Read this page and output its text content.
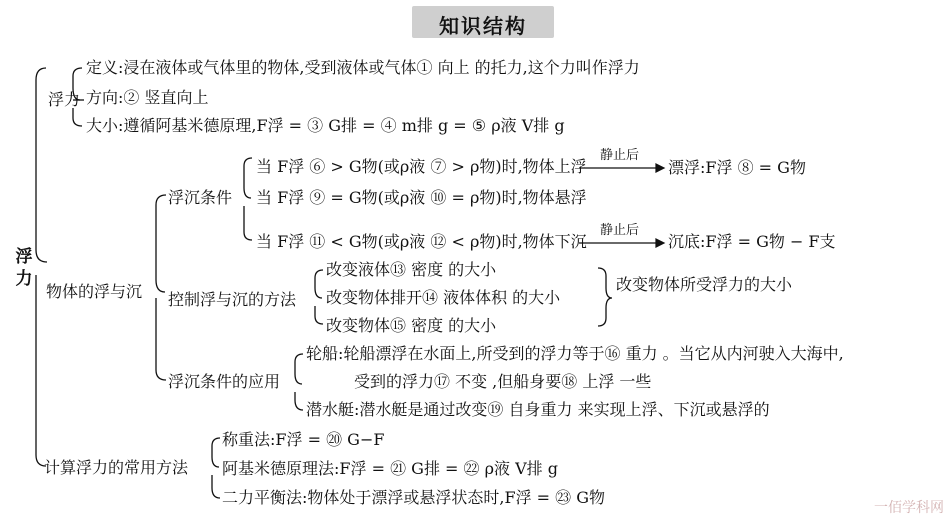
知识结构
浮力
浮力
定义:浸在液体或气体里的物体,受到液体或气体① 向上 的托力,这个力叫作浮力
方向:② 竖直向上
大小:遵循阿基米德原理,F浮 = ③ G排 = ④ m排 g = ⑤ ρ液 V排 g
物体的浮与沉
浮沉条件
当 F浮 ⑥ > G物(或ρ液 ⑦ > ρ物)时,物体上浮
静止后
漂浮:F浮 ⑧ = G物
当 F浮 ⑨ = G物(或ρ液 ⑩ = ρ物)时,物体悬浮
当 F浮 ⑪ < G物(或ρ液 ⑫ < ρ物)时,物体下沉
静止后
沉底:F浮 = G物 − F支
控制浮与沉的方法
改变液体⑬ 密度 的大小
改变物体排开⑭ 液体体积 的大小
改变物体⑮ 密度 的大小
改变物体所受浮力的大小
浮沉条件的应用
轮船:轮船漂浮在水面上,所受到的浮力等于⑯ 重力 。当它从内河驶入大海中,
受到的浮力⑰ 不变 ,但船身要⑱ 上浮 一些
潜水艇:潜水艇是通过改变⑲ 自身重力 来实现上浮、下沉或悬浮的
计算浮力的常用方法
称重法:F浮 = ⑳ G−F
阿基米德原理法:F浮 = ㉑ G排 = ㉒ ρ液 V排 g
二力平衡法:物体处于漂浮或悬浮状态时,F浮 = ㉓ G物
一佰学科网
